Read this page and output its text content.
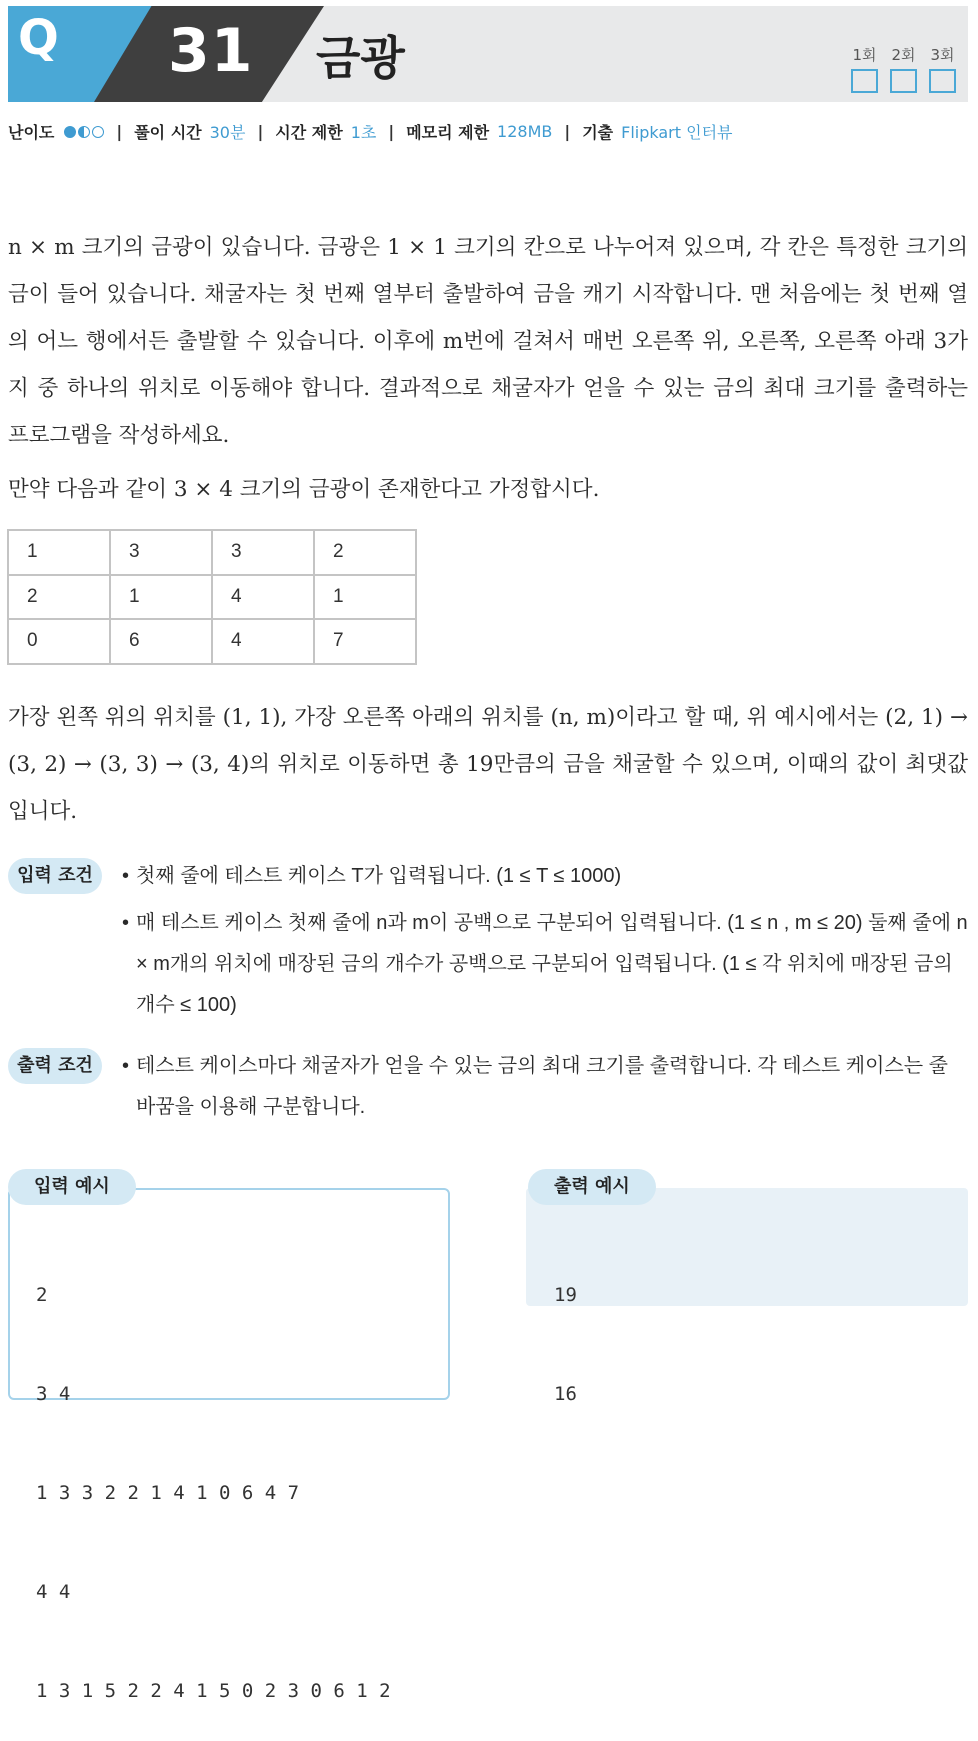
Q 31 금광	1회 2회 3회
난이도	| 풀이 시간 30분 | 시간 제한 1초 | 메모리 제한 128MB | 기출 Flipkart 인터뷰

n × m 크기의 금광이 있습니다. 금광은 1 × 1 크기의 칸으로 나누어져 있으며, 각 칸은 특정한 크기의 금이 들어 있습니다. 채굴자는 첫 번째 열부터 출발하여 금을 캐기 시작합니다. 맨 처음에는 첫 번째 열의 어느 행에서든 출발할 수 있습니다. 이후에 m번에 걸쳐서 매번 오른쪽 위, 오른쪽, 오른쪽 아래 3가지 중 하나의 위치로 이동해야 합니다. 결과적으로 채굴자가 얻을 수 있는 금의 최대 크기를 출력하는 프로그램을 작성하세요.

만약 다음과 같이 3 × 4 크기의 금광이 존재한다고 가정합시다.

1	3	3	2
2	1	4	1
0	6	4	7

가장 왼쪽 위의 위치를 (1, 1), 가장 오른쪽 아래의 위치를 (n, m)이라고 할 때, 위 예시에서는 (2, 1) → (3, 2) → (3, 3) → (3, 4)의 위치로 이동하면 총 19만큼의 금을 채굴할 수 있으며, 이때의 값이 최댓값입니다.

입력 조건	• 첫째 줄에 테스트 케이스 T가 입력됩니다. (1 ≤ T ≤ 1000)
• 매 테스트 케이스 첫째 줄에 n과 m이 공백으로 구분되어 입력됩니다. (1 ≤ n , m ≤ 20) 둘째 줄에 n × m개의 위치에 매장된 금의 개수가 공백으로 구분되어 입력됩니다. (1 ≤ 각 위치에 매장된 금의 개수 ≤ 100)
출력 조건	• 테스트 케이스마다 채굴자가 얻을 수 있는 금의 최대 크기를 출력합니다. 각 테스트 케이스는 줄 바꿈을 이용해 구분합니다.
입력 예시

2

3 4

1 3 3 2 2 1 4 1 0 6 4 7

4 4

1 3 1 5 2 2 4 1 5 0 2 3 0 6 1 2

출력 예시

19

16
